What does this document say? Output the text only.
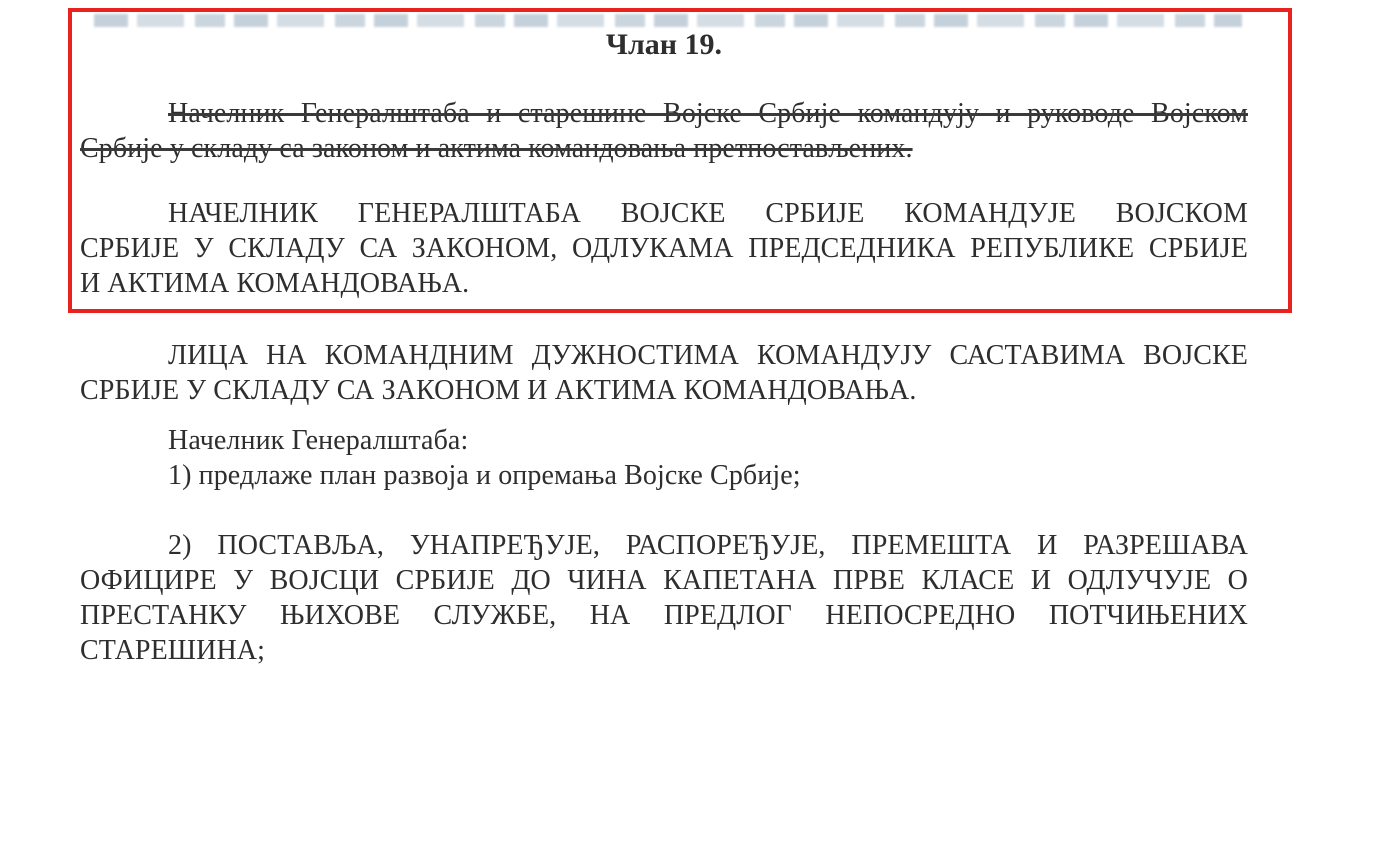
Члан 19.
Начелник Генералштаба и старешине Војске Србије командују и руководе Војском
Србије у складу са законом и актима командовања претпостављених.
НАЧЕЛНИК ГЕНЕРАЛШТАБА ВОЈСКЕ СРБИЈЕ КОМАНДУЈЕ ВОЈСКОМ
СРБИЈЕ У СКЛАДУ СА ЗАКОНОМ, ОДЛУКАМА ПРЕДСЕДНИКА РЕПУБЛИКЕ СРБИЈЕ
И АКТИМА КОМАНДОВАЊА.
ЛИЦА НА КОМАНДНИМ ДУЖНОСТИМА КОМАНДУЈУ САСТАВИМА ВОЈСКЕ
СРБИЈЕ У СКЛАДУ СА ЗАКОНОМ И АКТИМА КОМАНДОВАЊА.
Начелник Генералштаба:
1) предлаже план развоја и опремања Војске Србије;
2) ПОСТАВЉА, УНАПРЕЂУЈЕ, РАСПОРЕЂУЈЕ, ПРЕМЕШТА И РАЗРЕШАВА
ОФИЦИРЕ У ВОЈСЦИ СРБИЈЕ ДО ЧИНА КАПЕТАНА ПРВЕ КЛАСЕ И ОДЛУЧУЈЕ О
ПРЕСТАНКУ ЊИХОВЕ СЛУЖБЕ, НА ПРЕДЛОГ НЕПОСРЕДНО ПОТЧИЊЕНИХ
СТАРЕШИНА;
